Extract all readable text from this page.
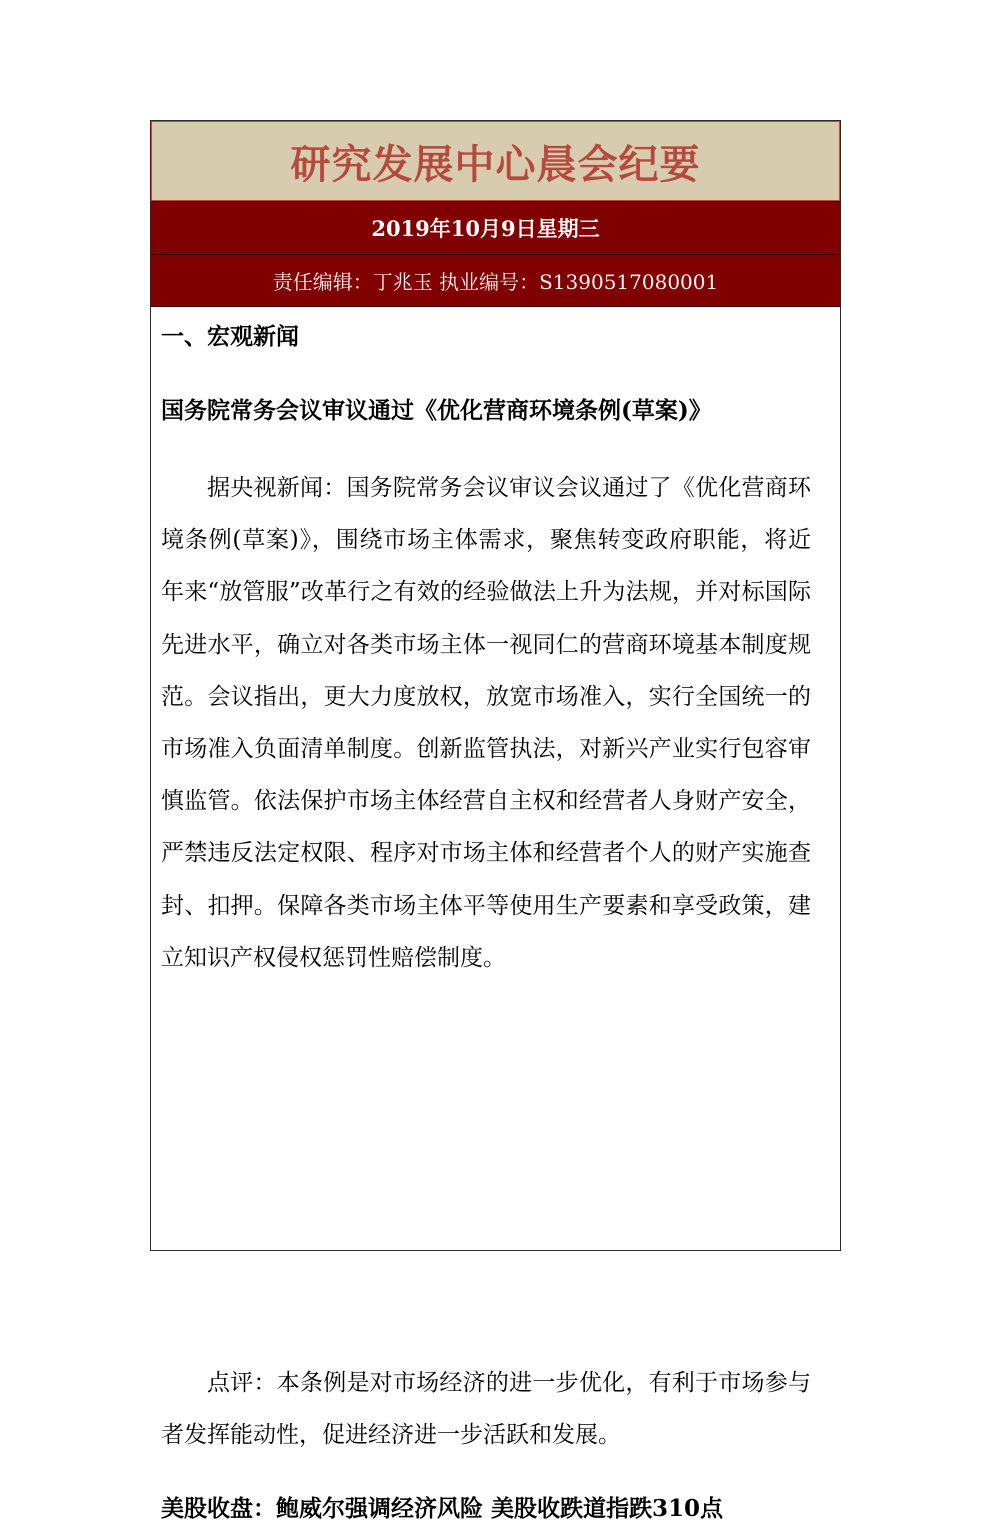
研究发展中心晨会纪要
2019年10月9日星期三
责任编辑：丁兆玉 执业编号：S1390517080001
一、宏观新闻
国务院常务会议审议通过《优化营商环境条例(草案)》
据央视新闻：国务院常务会议审议会议通过了《优化营商环境条例(草案)》，围绕市场主体需求，聚焦转变政府职能，将近年来“放管服”改革行之有效的经验做法上升为法规，并对标国际先进水平，确立对各类市场主体一视同仁的营商环境基本制度规范。会议指出，更大力度放权，放宽市场准入，实行全国统一的市场准入负面清单制度。创新监管执法，对新兴产业实行包容审慎监管。依法保护市场主体经营自主权和经营者人身财产安全，严禁违反法定权限、程序对市场主体和经营者个人的财产实施查封、扣押。保障各类市场主体平等使用生产要素和享受政策，建立知识产权侵权惩罚性赔偿制度。
点评：本条例是对市场经济的进一步优化，有利于市场参与者发挥能动性，促进经济进一步活跃和发展。
美股收盘：鲍威尔强调经济风险 美股收跌道指跌310点
